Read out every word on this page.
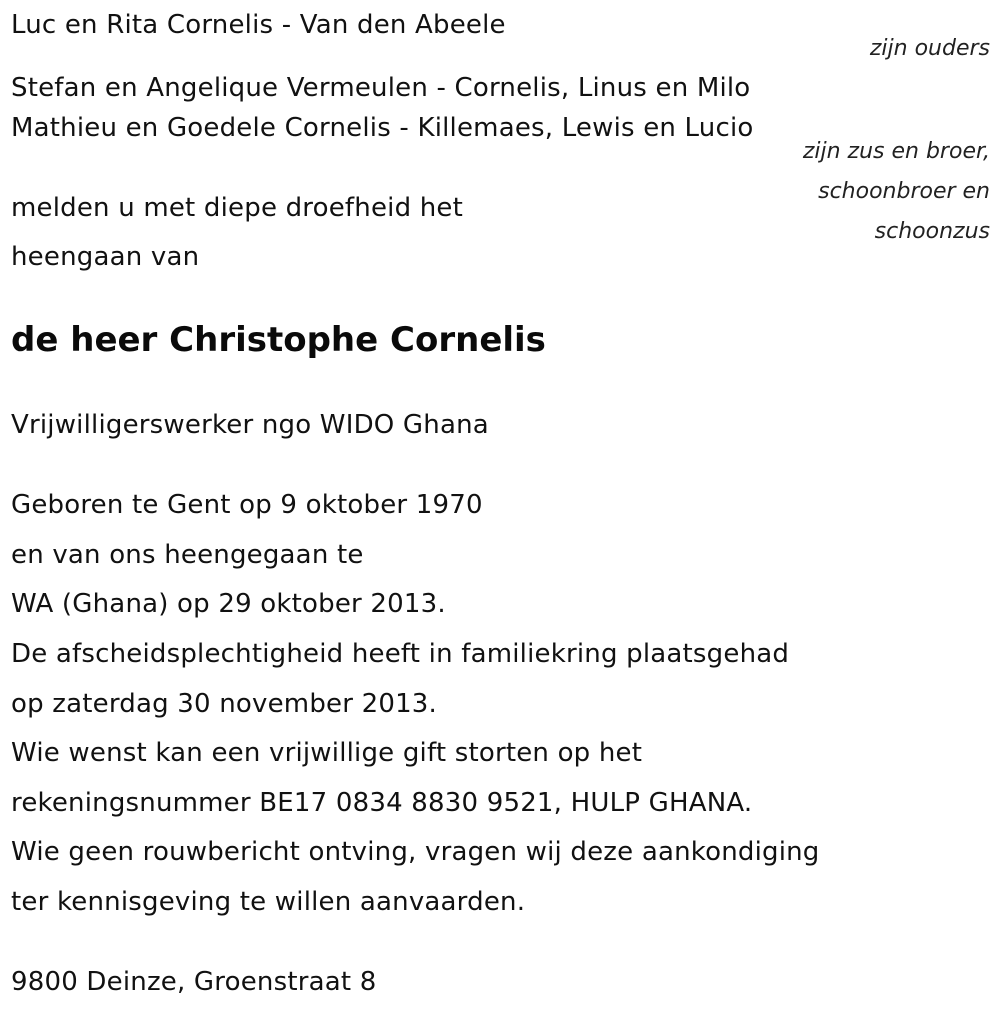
Luc en Rita Cornelis - Van den Abeele
zijn ouders
Stefan en Angelique Vermeulen - Cornelis, Linus en Milo
Mathieu en Goedele Cornelis - Killemaes, Lewis en Lucio
zijn zus en broer,
schoonbroer en
schoonzus
melden u met diepe droefheid het
heengaan van
de heer Christophe Cornelis
Vrijwilligerswerker ngo WIDO Ghana
Geboren te Gent op 9 oktober 1970
en van ons heengegaan te
WA (Ghana) op 29 oktober 2013.
De afscheidsplechtigheid heeft in familiekring plaatsgehad
op zaterdag 30 november 2013.
Wie wenst kan een vrijwillige gift storten op het
rekeningsnummer BE17 0834 8830 9521, HULP GHANA.
Wie geen rouwbericht ontving, vragen wij deze aankondiging
ter kennisgeving te willen aanvaarden.
9800 Deinze, Groenstraat 8
